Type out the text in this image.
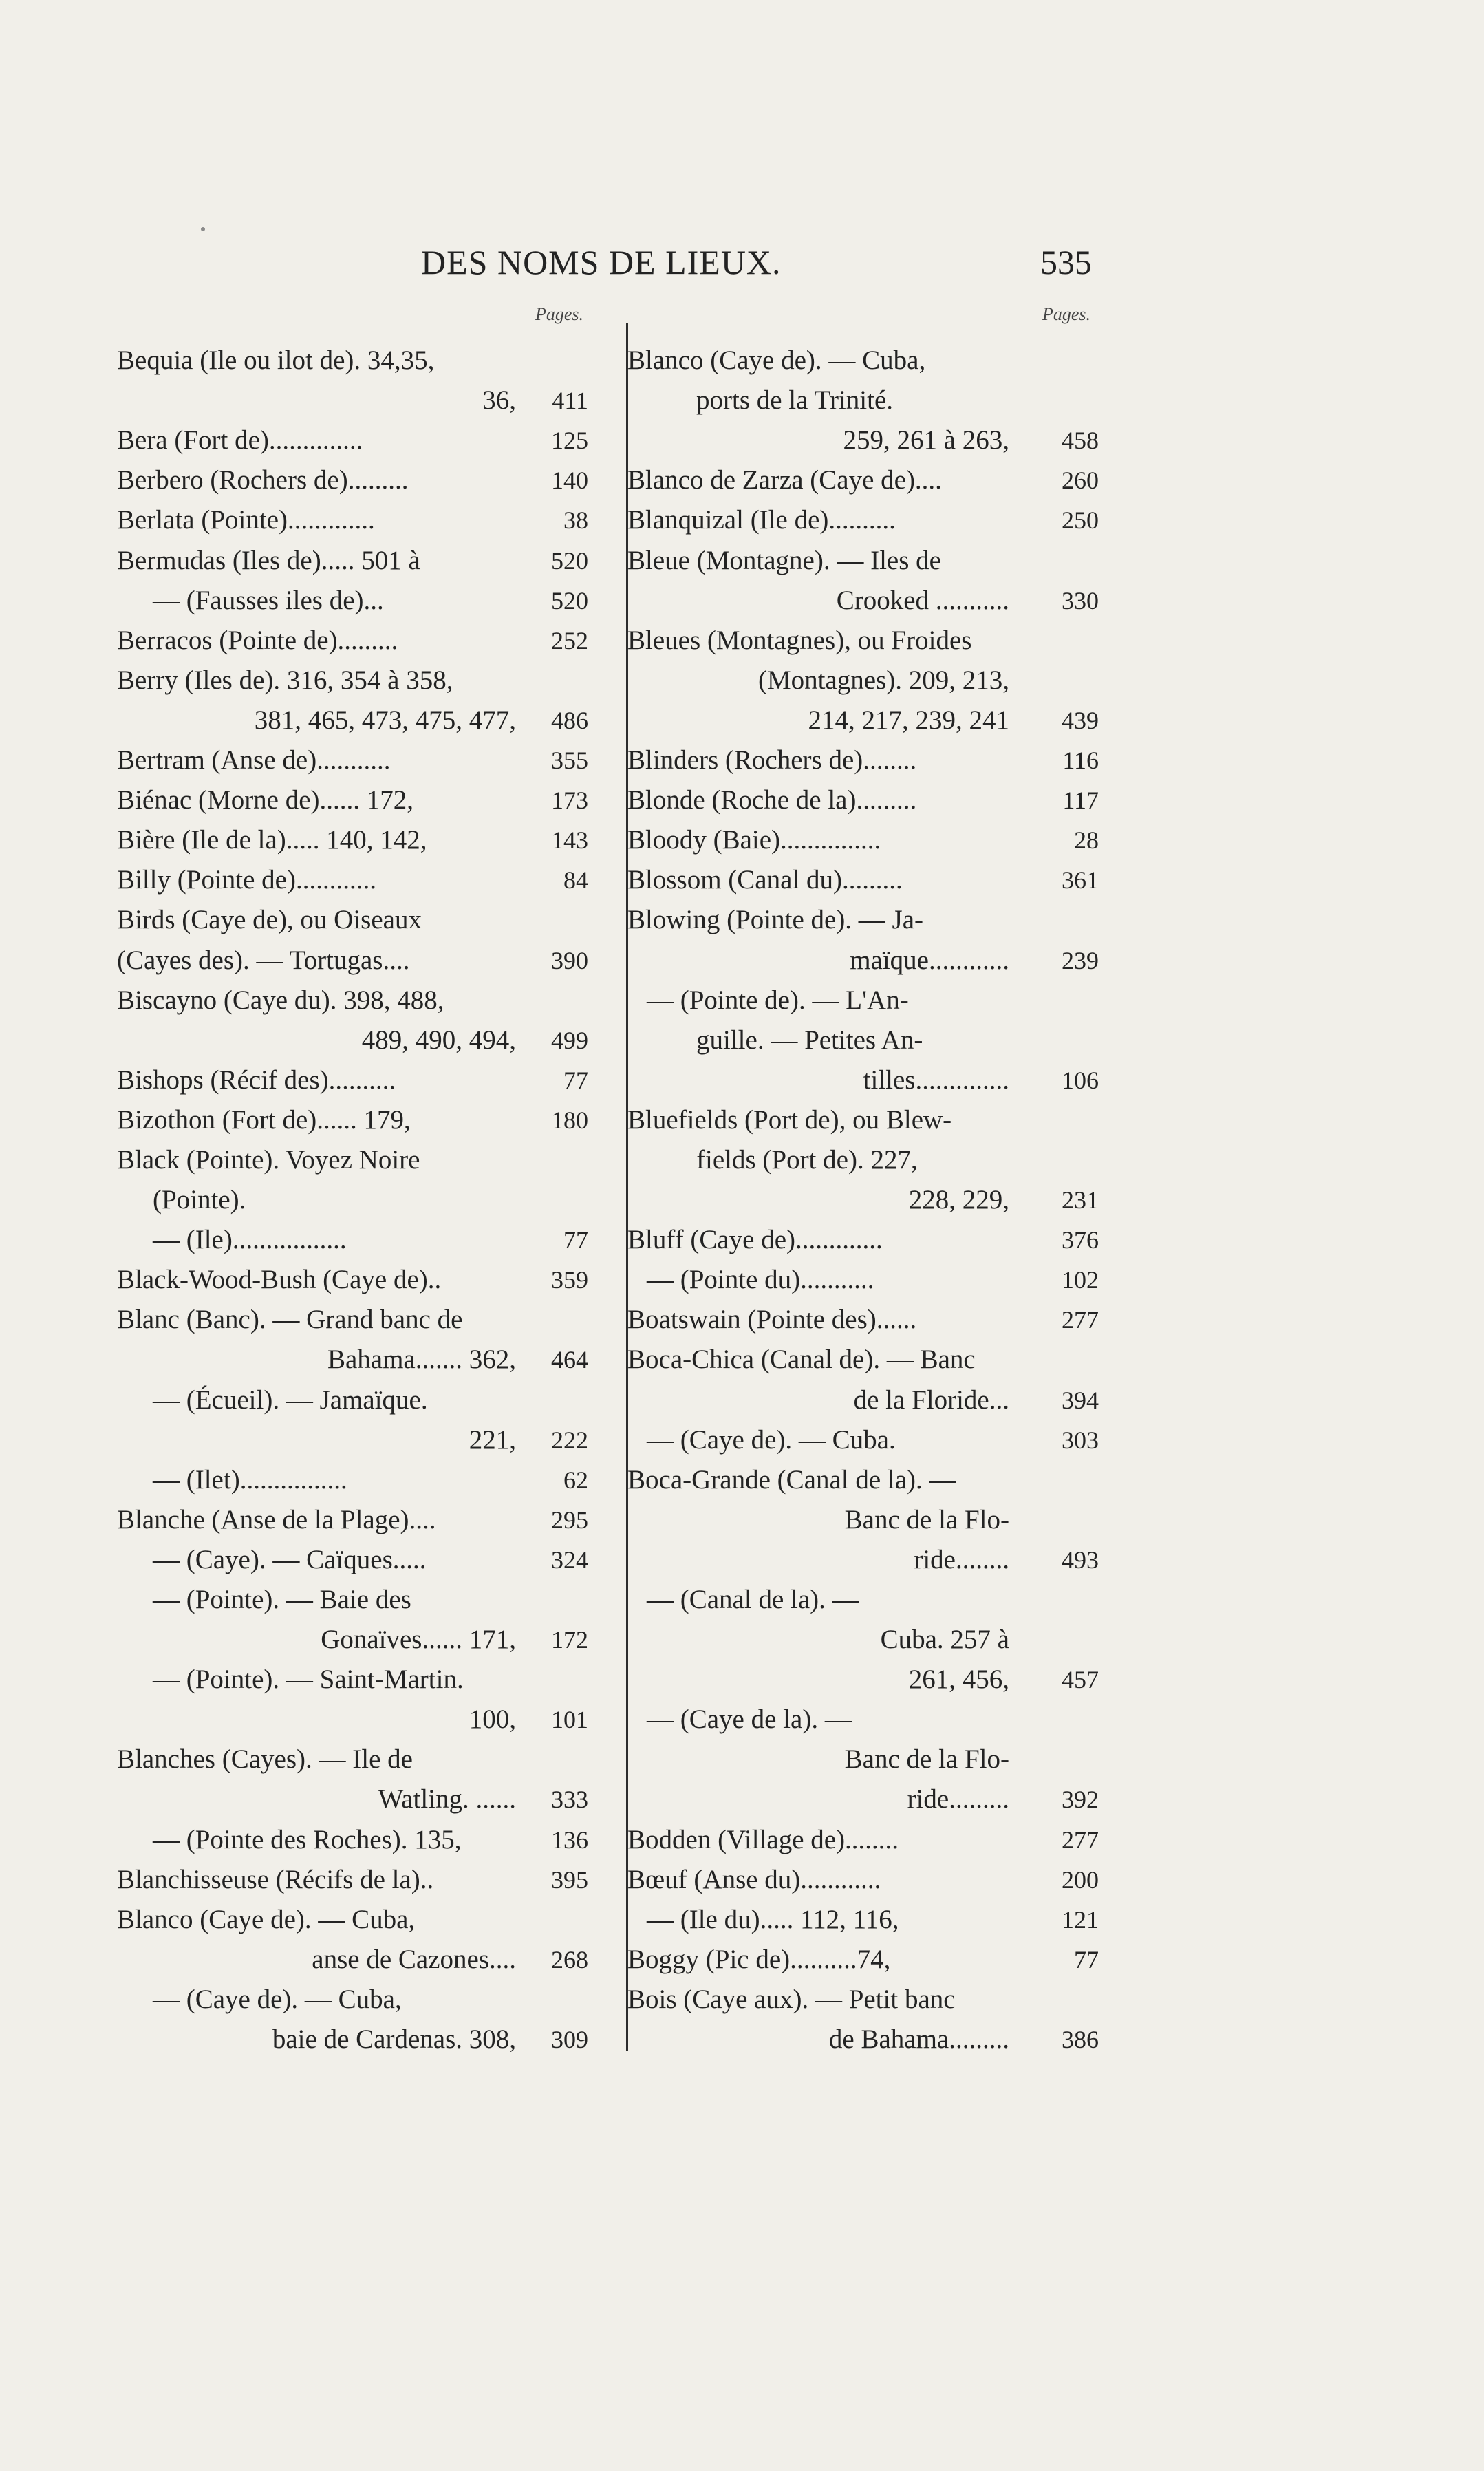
DES NOMS DE LIEUX.	535
Pages.	Pages.
Bequia (Ile ou ilot de). 34,35,
36,	411
Bera (Fort de)..............	125
Berbero (Rochers de).........	140
Berlata (Pointe).............	38
Bermudas (Iles de)..... 501 à	520
— (Fausses iles de)...	520
Berracos (Pointe de).........	252
Berry (Iles de). 316, 354 à 358,
381, 465, 473, 475, 477,	486
Bertram (Anse de)...........	355
Biénac (Morne de)...... 172,	173
Bière (Ile de la)..... 140, 142,	143
Billy (Pointe de)............	84
Birds (Caye de), ou Oiseaux
(Cayes des). — Tortugas....	390
Biscayno (Caye du). 398, 488,
489, 490, 494,	499
Bishops (Récif des)..........	77
Bizothon (Fort de)...... 179,	180
Black (Pointe). Voyez Noire
(Pointe).
— (Ile).................	77
Black-Wood-Bush (Caye de)..	359
Blanc (Banc). — Grand banc de
Bahama....... 362,	464
— (Écueil). — Jamaïque.
221,	222
— (Ilet)................	62
Blanche (Anse de la Plage)....	295
— (Caye). — Caïques.....	324
— (Pointe). — Baie des
Gonaïves...... 171,	172
— (Pointe). — Saint-Martin.
100,	101
Blanches (Cayes). — Ile de
Watling. ......	333
— (Pointe des Roches). 135,	136
Blanchisseuse (Récifs de la)..	395
Blanco (Caye de). — Cuba,
anse de Cazones....	268
— (Caye de). — Cuba,
baie de Cardenas. 308,	309
Blanco (Caye de). — Cuba,
ports de la Trinité.
259, 261 à 263,	458
Blanco de Zarza (Caye de)....	260
Blanquizal (Ile de)..........	250
Bleue (Montagne). — Iles de
Crooked ...........	330
Bleues (Montagnes), ou Froides
(Montagnes). 209, 213,
214, 217, 239, 241	439
Blinders (Rochers de)........	116
Blonde (Roche de la).........	117
Bloody (Baie)...............	28
Blossom (Canal du).........	361
Blowing (Pointe de). — Ja-
maïque............	239
— (Pointe de). — L'An-
guille. — Petites An-
tilles..............	106
Bluefields (Port de), ou Blew-
fields (Port de). 227,
228, 229,	231
Bluff (Caye de).............	376
— (Pointe du)...........	102
Boatswain (Pointe des)......	277
Boca-Chica (Canal de). — Banc
de la Floride...	394
— (Caye de). — Cuba.	303
Boca-Grande (Canal de la). —
Banc de la Flo-
ride........	493
— (Canal de la). —
Cuba. 257 à
261, 456,	457
— (Caye de la). —
Banc de la Flo-
ride.........	392
Bodden (Village de)........	277
Bœuf (Anse du)............	200
— (Ile du)..... 112, 116,	121
Boggy (Pic de)..........74,	77
Bois (Caye aux). — Petit banc
de Bahama.........	386
